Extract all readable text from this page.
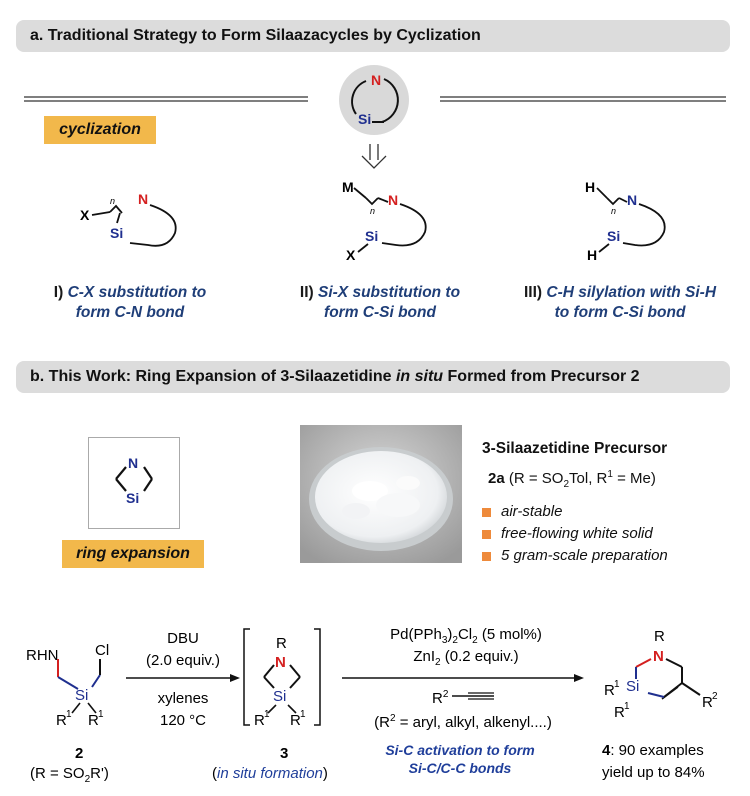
a. Traditional Strategy to Form Silaazacycles by Cyclization
N
Si
cyclization
X
n
Si
N
M
n
N
Si
X
H
n
N
Si
H
I) C-X substitution to
form C-N bond
II) Si-X substitution to
form C-Si bond
III) C-H silylation with Si-H
to form C-Si bond
b. This Work: Ring Expansion of 3-Silaazetidine in situ Formed from Precursor 2
N
Si
ring expansion
3-Silaazetidine Precursor
2a ($R = SO_2Tol$, $R^1 = Me$)
air-stable
free-flowing white solid
5 gram-scale preparation
RHN
Si
Cl
R 1 R 1
2
$(R = SO_2R')$
DBU
(2.0 equiv.)
xylenes
120 °C
R
N
Si
R 1 R 1
3
(in situ formation)
$Pd(PPh_3)_2Cl_2$ (5 mol%)
ZnI$_2$ (0.2 equiv.)
$R^2$
($R^2$ = aryl, alkyl, alkenyl....)
Si-C activation to form
Si-C/C-C bonds
R
N
R 2
Si
R 1
R 1
4: 90 examples
yield up to 84%
